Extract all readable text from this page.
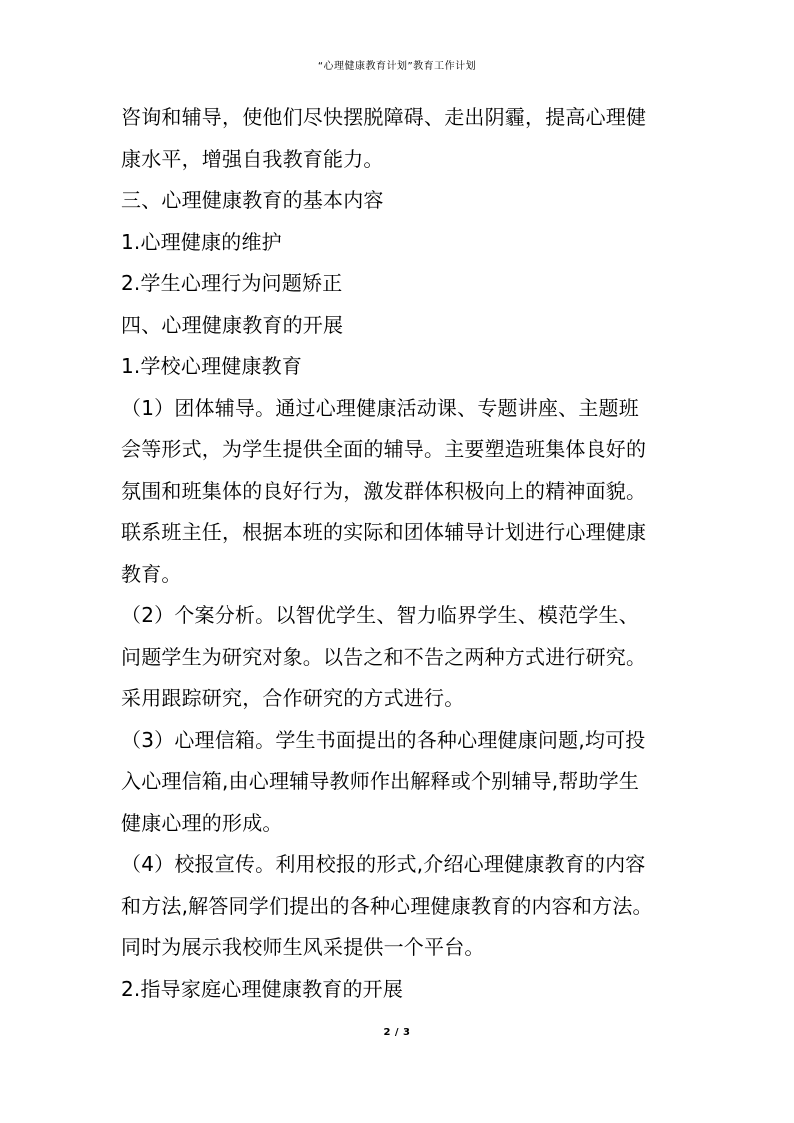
“心理健康教育计划”教育工作计划
咨询和辅导，使他们尽快摆脱障碍、走出阴霾，提高心理健
康水平，增强自我教育能力。
三、心理健康教育的基本内容
1.心理健康的维护
2.学生心理行为问题矫正
四、心理健康教育的开展
1.学校心理健康教育
（1）团体辅导。通过心理健康活动课、专题讲座、主题班
会等形式，为学生提供全面的辅导。主要塑造班集体良好的
氛围和班集体的良好行为，激发群体积极向上的精神面貌。
联系班主任，根据本班的实际和团体辅导计划进行心理健康
教育。
（2）个案分析。以智优学生、智力临界学生、模范学生、
问题学生为研究对象。以告之和不告之两种方式进行研究。
采用跟踪研究，合作研究的方式进行。
（3）心理信箱。学生书面提出的各种心理健康问题,均可投
入心理信箱,由心理辅导教师作出解释或个别辅导,帮助学生
健康心理的形成。
（4）校报宣传。利用校报的形式,介绍心理健康教育的内容
和方法,解答同学们提出的各种心理健康教育的内容和方法。
同时为展示我校师生风采提供一个平台。
2.指导家庭心理健康教育的开展
2 / 3
